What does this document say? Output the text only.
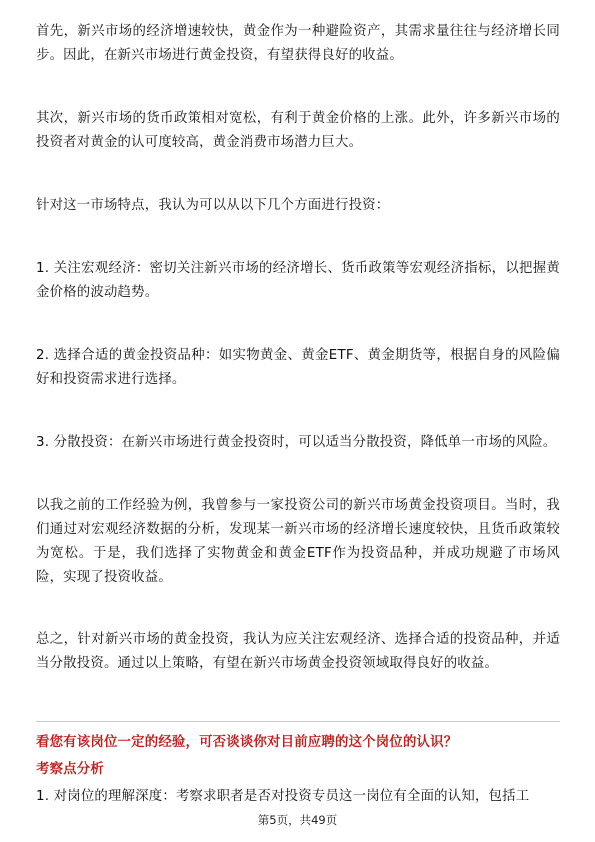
首先，新兴市场的经济增速较快，黄金作为一种避险资产，其需求量往往与经济增长同步。因此，在新兴市场进行黄金投资，有望获得良好的收益。

其次，新兴市场的货币政策相对宽松，有利于黄金价格的上涨。此外，许多新兴市场的投资者对黄金的认可度较高，黄金消费市场潜力巨大。

针对这一市场特点，我认为可以从以下几个方面进行投资：

1. 关注宏观经济：密切关注新兴市场的经济增长、货币政策等宏观经济指标，以把握黄金价格的波动趋势。

2. 选择合适的黄金投资品种：如实物黄金、黄金ETF、黄金期货等，根据自身的风险偏好和投资需求进行选择。

3. 分散投资：在新兴市场进行黄金投资时，可以适当分散投资，降低单一市场的风险。

以我之前的工作经验为例，我曾参与一家投资公司的新兴市场黄金投资项目。当时，我们通过对宏观经济数据的分析，发现某一新兴市场的经济增长速度较快，且货币政策较为宽松。于是，我们选择了实物黄金和黄金ETF作为投资品种，并成功规避了市场风险，实现了投资收益。

总之，针对新兴市场的黄金投资，我认为应关注宏观经济、选择合适的投资品种，并适当分散投资。通过以上策略，有望在新兴市场黄金投资领域取得良好的收益。

看您有该岗位一定的经验，可否谈谈你对目前应聘的这个岗位的认识？
考察点分析
1. 对岗位的理解深度：考察求职者是否对投资专员这一岗位有全面的认知，包括工
第5页，共49页
